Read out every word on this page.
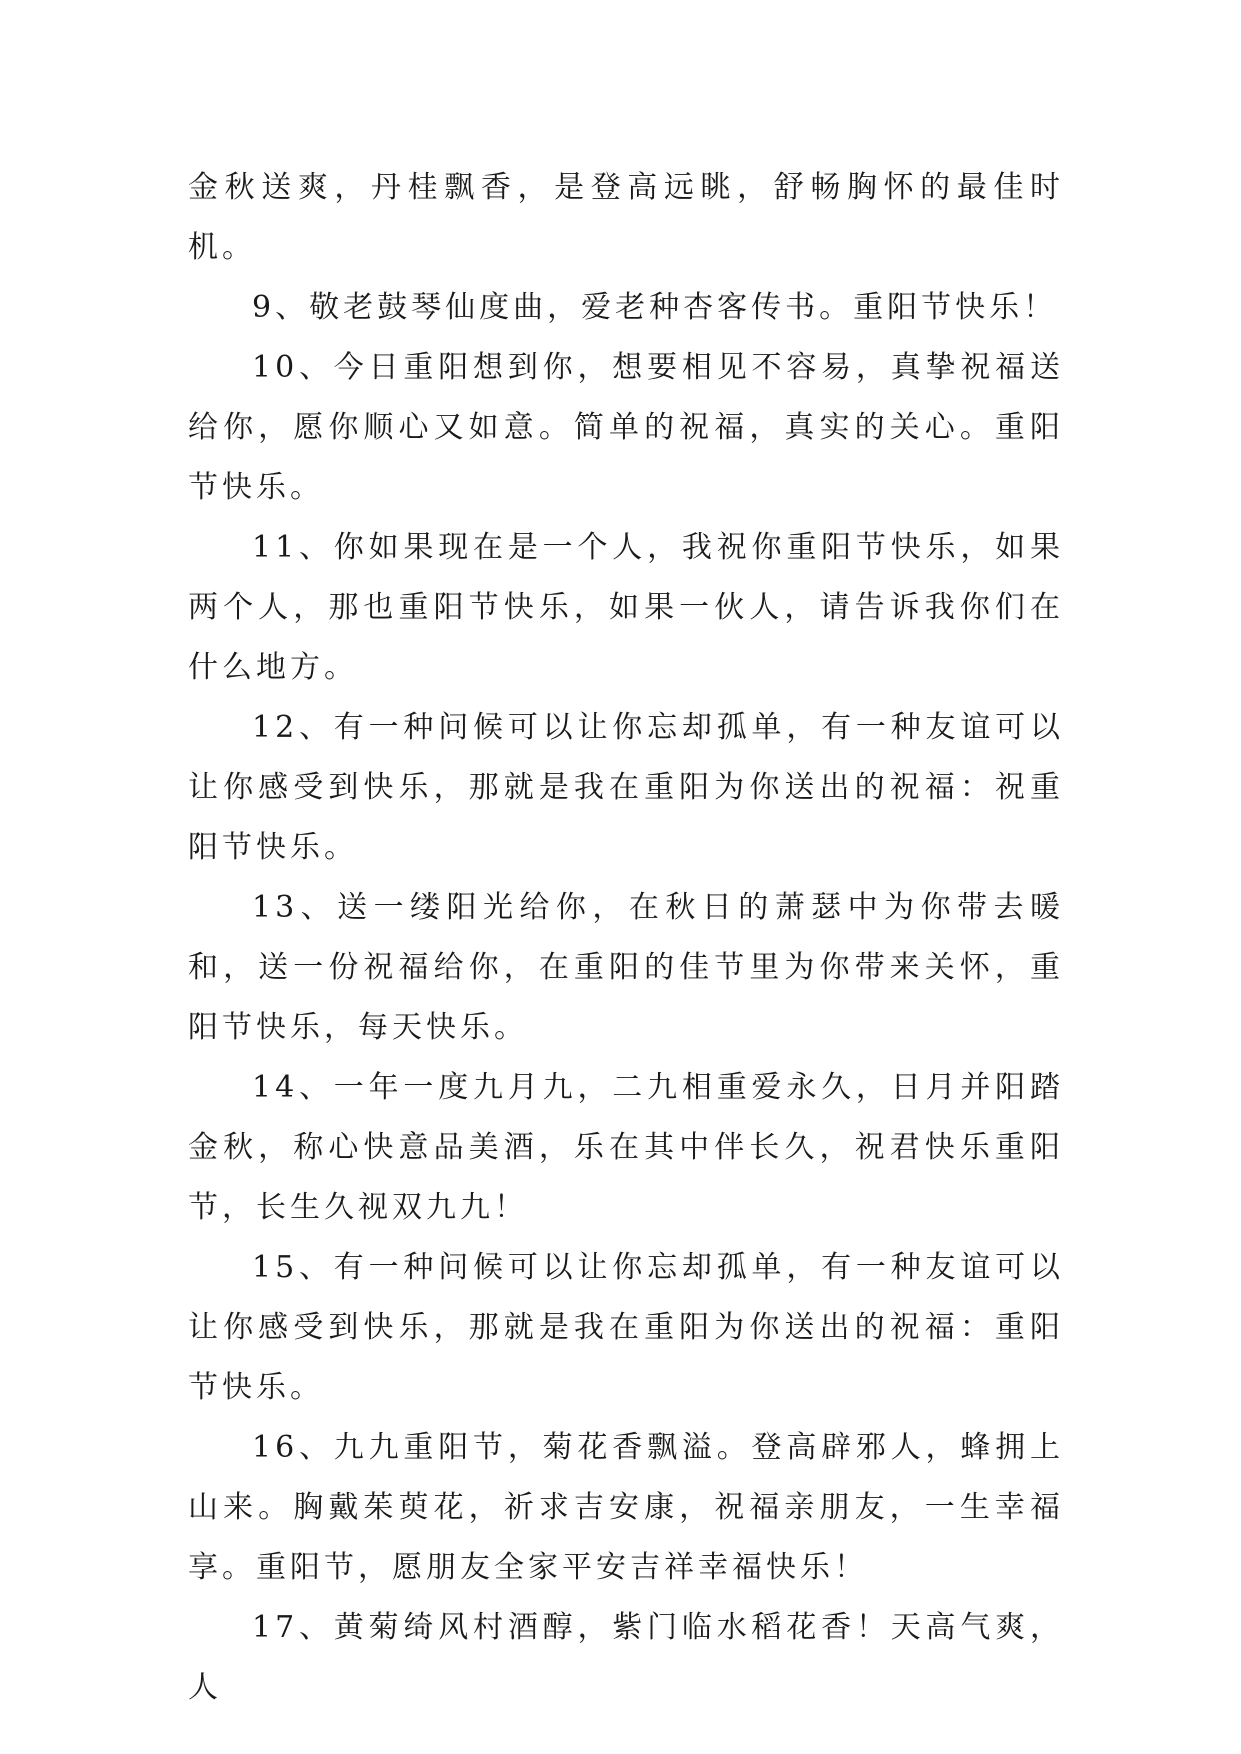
金秋送爽，丹桂飘香，是登高远眺，舒畅胸怀的最佳时机。

9、敬老鼓琴仙度曲，爱老种杏客传书。重阳节快乐！

10、今日重阳想到你，想要相见不容易，真挚祝福送给你，愿你顺心又如意。简单的祝福，真实的关心。重阳节快乐。

11、你如果现在是一个人，我祝你重阳节快乐，如果两个人，那也重阳节快乐，如果一伙人，请告诉我你们在什么地方。

12、有一种问候可以让你忘却孤单，有一种友谊可以让你感受到快乐，那就是我在重阳为你送出的祝福：祝重阳节快乐。

13、送一缕阳光给你，在秋日的萧瑟中为你带去暖和，送一份祝福给你，在重阳的佳节里为你带来关怀，重阳节快乐，每天快乐。

14、一年一度九月九，二九相重爱永久，日月并阳踏金秋，称心快意品美酒，乐在其中伴长久，祝君快乐重阳节，长生久视双九九！

15、有一种问候可以让你忘却孤单，有一种友谊可以让你感受到快乐，那就是我在重阳为你送出的祝福：重阳节快乐。

16、九九重阳节，菊花香飘溢。登高辟邪人，蜂拥上山来。胸戴茱萸花，祈求吉安康，祝福亲朋友，一生幸福享。重阳节，愿朋友全家平安吉祥幸福快乐！

17、黄菊绮风村酒醇，紫门临水稻花香！天高气爽，人
